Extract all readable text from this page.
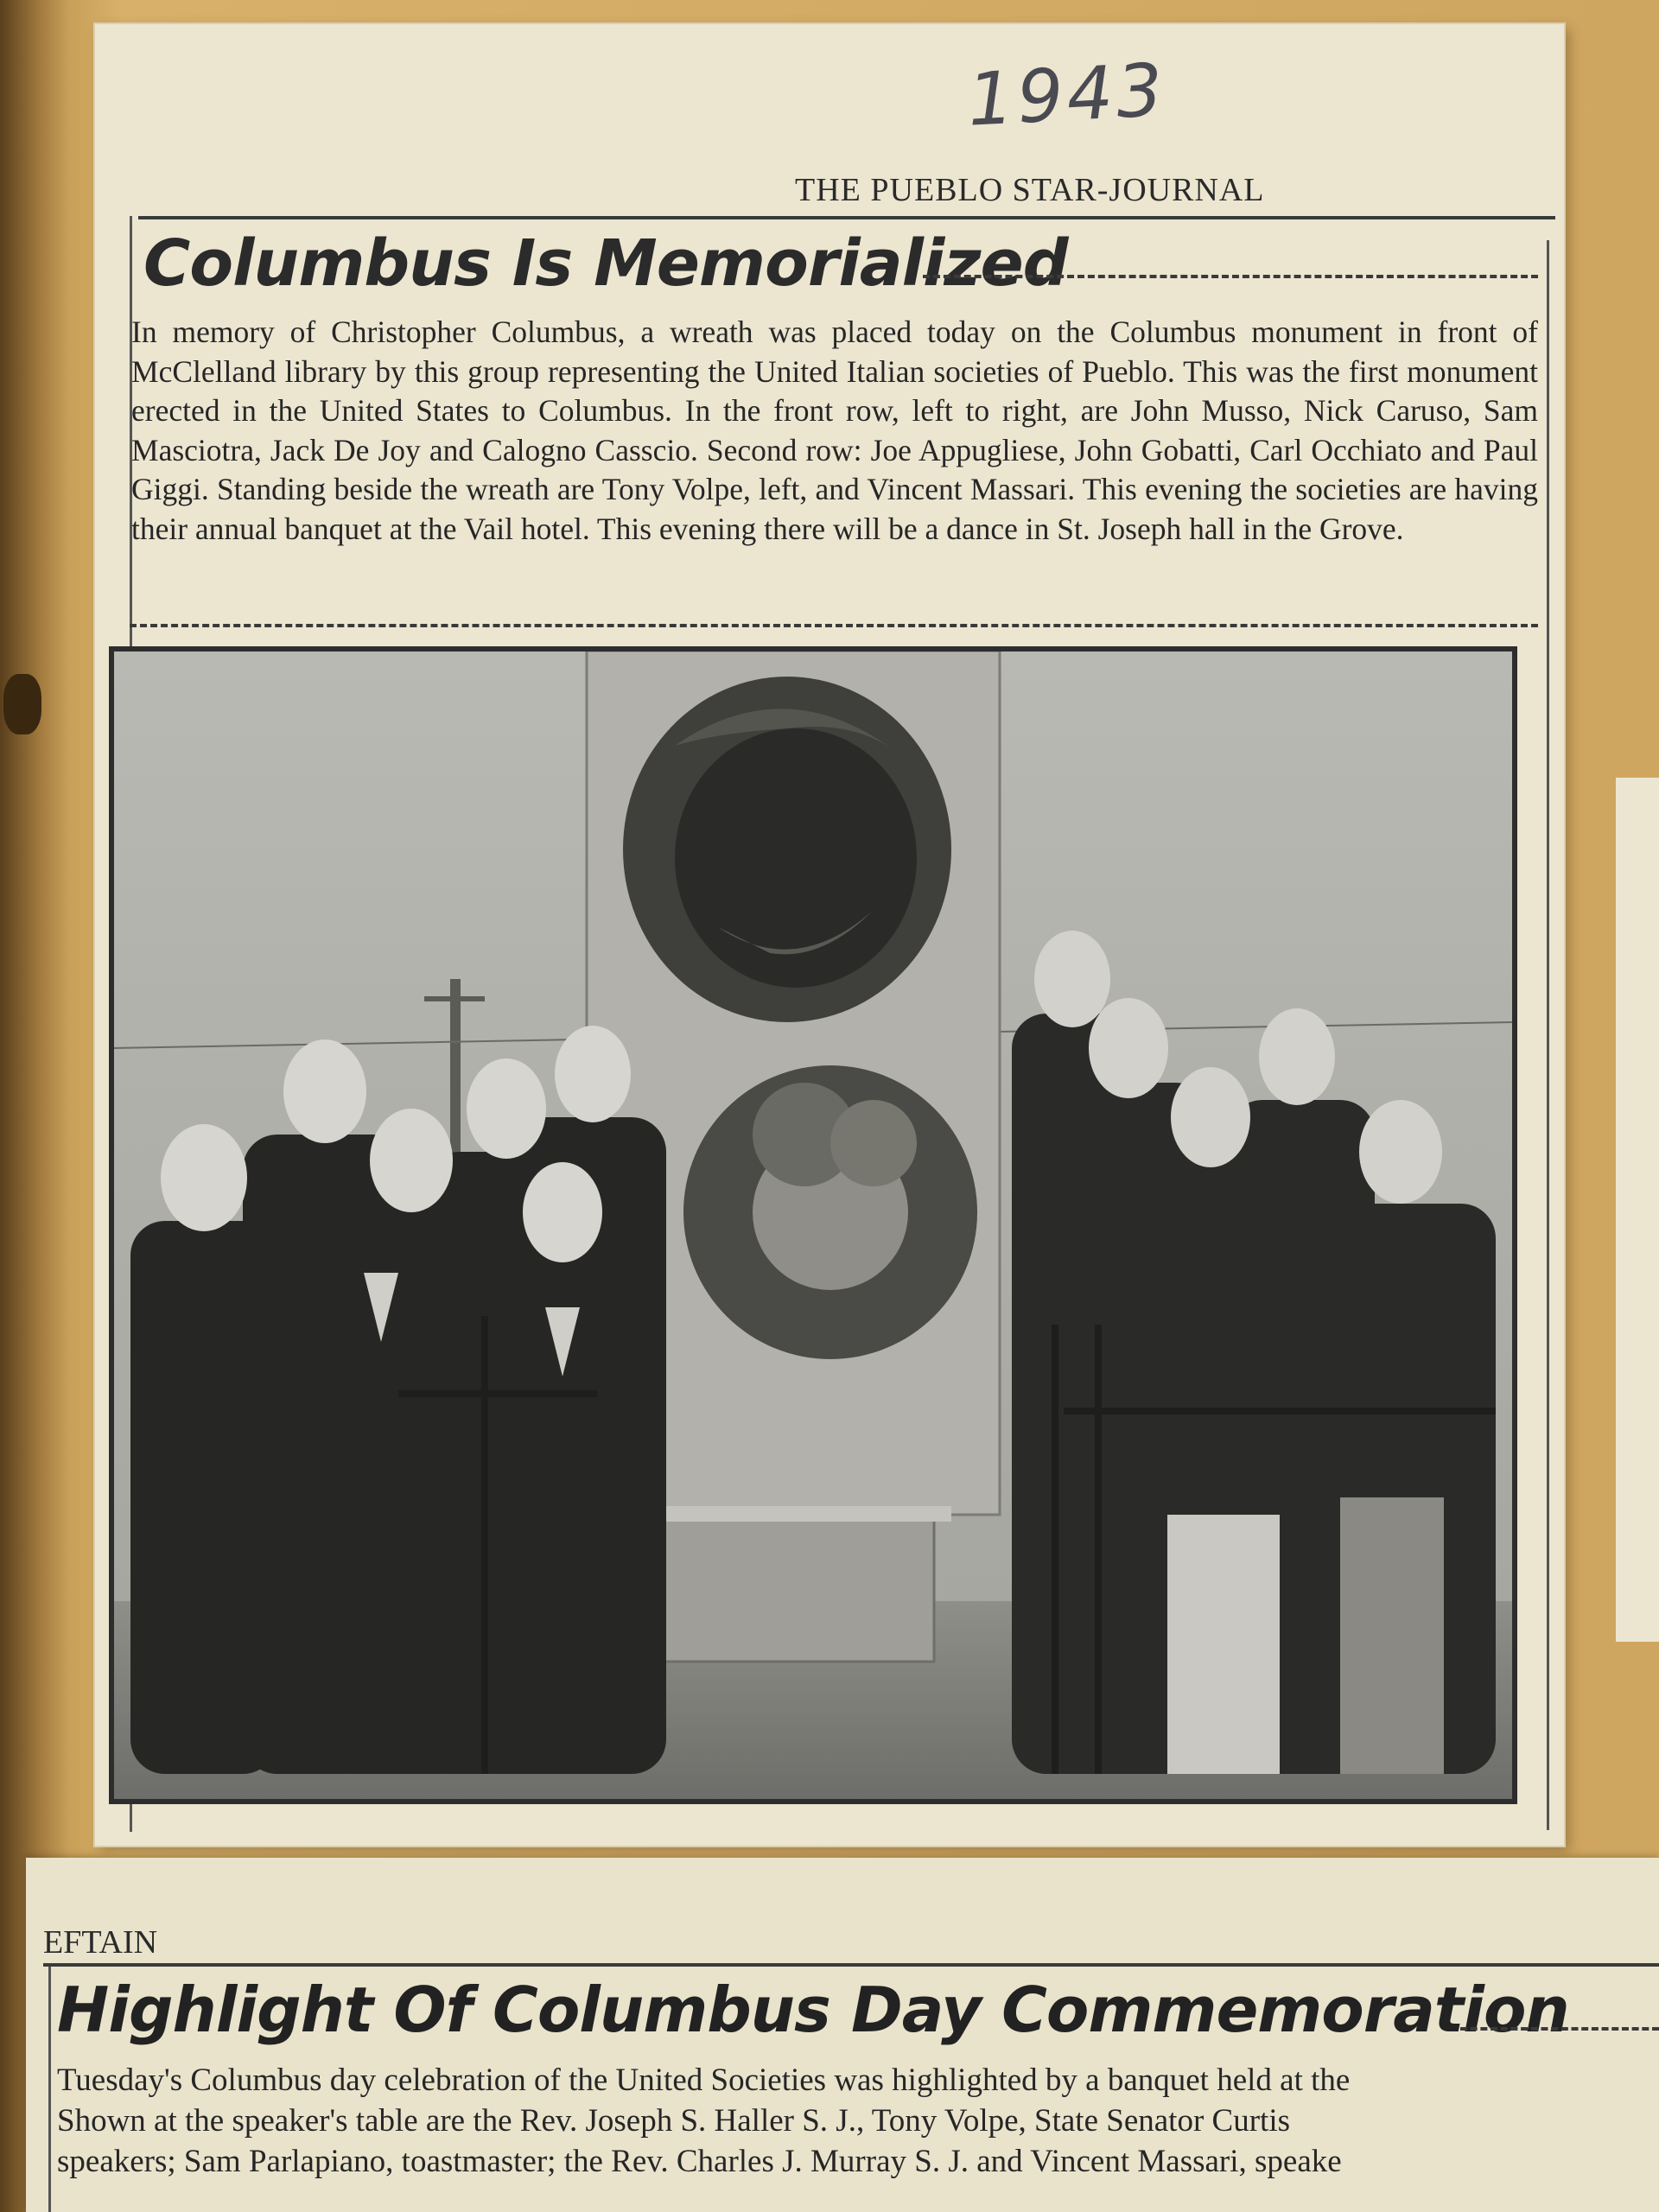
1943

THE PUEBLO STAR-JOURNAL

Columbus Is Memorialized

In memory of Christopher Columbus, a wreath was placed today on the Columbus monument in front of McClelland library by this group representing the United Italian societies of Pueblo. This was the first monument erected in the United States to Columbus. In the front row, left to right, are John Musso, Nick Caruso, Sam Masciotra, Jack De Joy and Calogno Casscio. Second row: Joe Appugliese, John Gobatti, Carl Occhiato and Paul Giggi. Standing beside the wreath are Tony Volpe, left, and Vincent Massari. This evening the societies are having their annual banquet at the Vail hotel. This evening there will be a dance in St. Joseph hall in the Grove.

EFTAIN

Highlight Of Columbus Day Commemoration
Tuesday's Columbus day celebration of the United Societies was highlighted by a banquet held at the
Shown at the speaker's table are the Rev. Joseph S. Haller S. J., Tony Volpe, State Senator Curtis
speakers; Sam Parlapiano, toastmaster; the Rev. Charles J. Murray S. J. and Vincent Massari, speake
